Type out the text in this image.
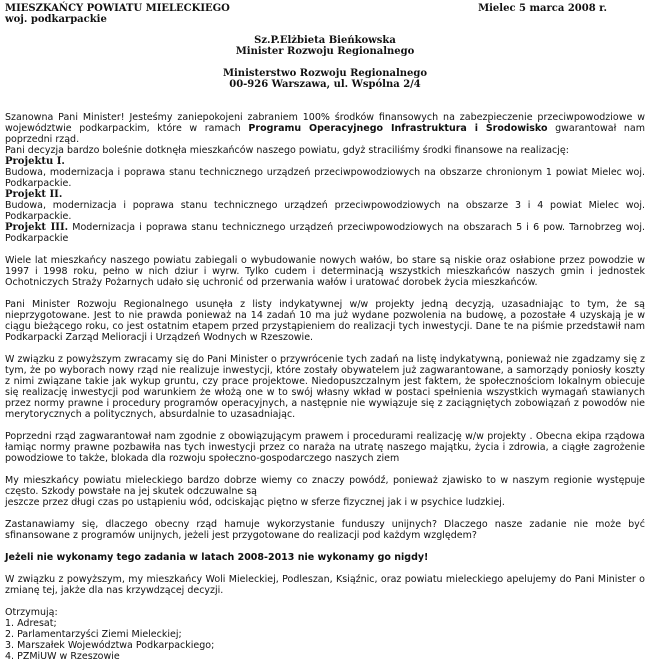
MIESZKAŃCY POWIATU MIELECKIEGO
woj. podkarpackie
Mielec 5 marca 2008 r.
Sz.P.Elżbieta Bieńkowska
Minister Rozwoju Regionalnego
Ministerstwo Rozwoju Regionalnego
00-926 Warszawa, ul. Wspólna 2/4

Szanowna Pani Minister! Jesteśmy zaniepokojeni zabraniem 100% środków finansowych na zabezpieczenie przeciwpowodziowe w województwie podkarpackim, które w ramach Programu Operacyjnego Infrastruktura i Środowisko gwarantował nam poprzedni rząd.

Pani decyzja bardzo boleśnie dotknęła mieszkańców naszego powiatu, gdyż straciliśmy środki finansowe na realizację:

Projektu I.

Budowa, modernizacja i poprawa stanu technicznego urządzeń przeciwpowodziowych na obszarze chronionym 1 powiat Mielec woj. Podkarpackie.

Projekt II.

Budowa, modernizacja i poprawa stanu technicznego urządzeń przeciwpowodziowych na obszarze 3 i 4 powiat Mielec woj. Podkarpackie.

Projekt III. Modernizacja i poprawa stanu technicznego urządzeń przeciwpowodziowych na obszarach 5 i 6 pow. Tarnobrzeg woj. Podkarpackie

Wiele lat mieszkańcy naszego powiatu zabiegali o wybudowanie nowych wałów, bo stare są niskie oraz osłabione przez powodzie w 1997 i 1998 roku, pełno w nich dziur i wyrw. Tylko cudem i determinacją wszystkich mieszkańców naszych gmin i jednostek Ochotniczych Straży Pożarnych udało się uchronić od przerwania wałów i uratować dorobek życia mieszkańców.

Pani Minister Rozwoju Regionalnego usunęła z listy indykatywnej w/w projekty jedną decyzją, uzasadniając to tym, że są nieprzygotowane. Jest to nie prawda ponieważ na 14 zadań 10 ma już wydane pozwolenia na budowę, a pozostałe 4 uzyskają je w ciągu bieżącego roku, co jest ostatnim etapem przed przystąpieniem do realizacji tych inwestycji. Dane te na piśmie przedstawił nam Podkarpacki Zarząd Melioracji i Urządzeń Wodnych w Rzeszowie.

W związku z powyższym zwracamy się do Pani Minister o przywrócenie tych zadań na listę indykatywną, ponieważ nie zgadzamy się z tym, że po wyborach nowy rząd nie realizuje inwestycji, które zostały obywatelem już zagwarantowane, a samorządy poniosły koszty z nimi związane takie jak wykup gruntu, czy prace projektowe. Niedopuszczalnym jest faktem, że społecznościom lokalnym obiecuje się realizację inwestycji pod warunkiem że włożą one w to swój własny wkład w postaci spełnienia wszystkich wymagań stawianych przez normy prawne i procedury programów operacyjnych, a następnie nie wywiązuje się z zaciągniętych zobowiązań z powodów nie merytorycznych a politycznych, absurdalnie to uzasadniając.

Poprzedni rząd zagwarantował nam zgodnie z obowiązującym prawem i procedurami realizację w/w projekty . Obecna ekipa rządowa łamiąc normy prawne pozbawiła nas tych inwestycji przez co naraża na utratę naszego majątku, życia i zdrowia, a ciągłe zagrożenie powodziowe to także, blokada dla rozwoju społeczno-gospodarczego naszych ziem

My mieszkańcy powiatu mieleckiego bardzo dobrze wiemy co znaczy powódź, ponieważ zjawisko to w naszym regionie występuje często. Szkody powstałe na jej skutek odczuwalne są
jeszcze przez długi czas po ustąpieniu wód, odciskając piętno w sferze fizycznej jak i w psychice ludzkiej.

Zastanawiamy się, dlaczego obecny rząd hamuje wykorzystanie funduszy unijnych? Dlaczego nasze zadanie nie może być sfinansowane z programów unijnych, jeżeli jest przygotowane do realizacji pod każdym względem?

Jeżeli nie wykonamy tego zadania w latach 2008-2013 nie wykonamy go nigdy!

W związku z powyższym, my mieszkańcy Woli Mieleckiej, Podleszan, Ksiąźnic, oraz powiatu mieleckiego apelujemy do Pani Minister o zmianę tej, jakże dla nas krzywdzącej decyzji.

Otrzymują:
1. Adresat;
2. Parlamentarzyści Ziemi Mieleckiej;
3. Marszałek Województwa Podkarpackiego;
4. PZMiUW w Rzeszowie
